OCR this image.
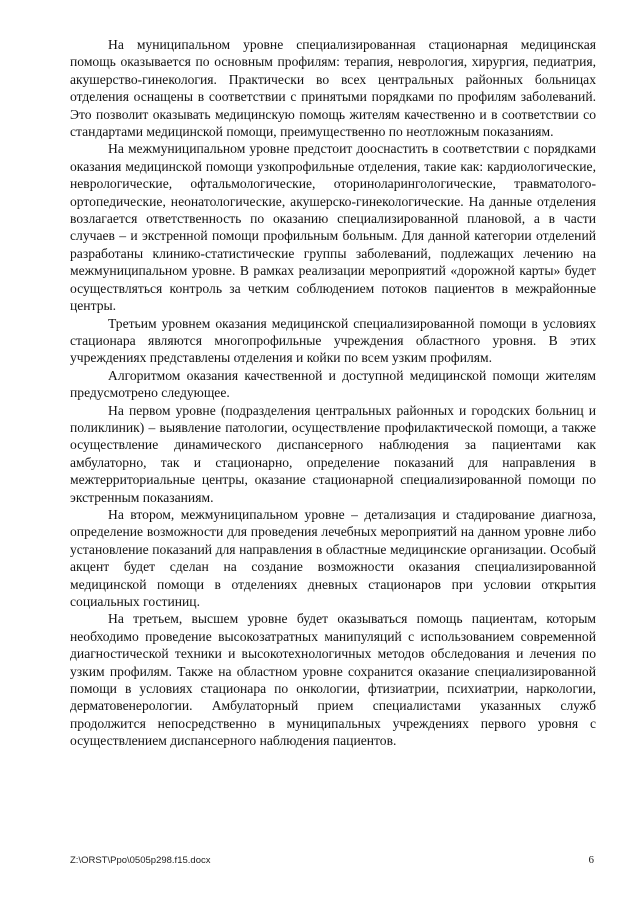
На муниципальном уровне специализированная стационарная медицинская помощь оказывается по основным профилям: терапия, неврология, хирургия, педиатрия, акушерство-гинекология. Практически во всех центральных районных больницах отделения оснащены в соответствии с принятыми порядками по профилям заболеваний. Это позволит оказывать медицинскую помощь жителям качественно и в соответствии со стандартами медицинской помощи, преимущественно по неотложным показаниям.

На межмуниципальном уровне предстоит дооснастить в соответствии с порядками оказания медицинской помощи узкопрофильные отделения, такие как: кардиологические, неврологические, офтальмологические, оториноларингологические, травматолого-ортопедические, неонатологические, акушерско-гинекологические. На данные отделения возлагается ответственность по оказанию специализированной плановой, а в части случаев – и экстренной помощи профильным больным. Для данной категории отделений разработаны клинико-статистические группы заболеваний, подлежащих лечению на межмуниципальном уровне. В рамках реализации мероприятий «дорожной карты» будет осуществляться контроль за четким соблюдением потоков пациентов в межрайонные центры.

Третьим уровнем оказания медицинской специализированной помощи в условиях стационара являются многопрофильные учреждения областного уровня. В этих учреждениях представлены отделения и койки по всем узким профилям.

Алгоритмом оказания качественной и доступной медицинской помощи жителям предусмотрено следующее.

На первом уровне (подразделения центральных районных и городских больниц и поликлиник) – выявление патологии, осуществление профилактической помощи, а также осуществление динамического диспансерного наблюдения за пациентами как амбулаторно, так и стационарно, определение показаний для направления в межтерриториальные центры, оказание стационарной специализированной помощи по экстренным показаниям.

На втором, межмуниципальном уровне – детализация и стадирование диагноза, определение возможности для проведения лечебных мероприятий на данном уровне либо установление показаний для направления в областные медицинские организации. Особый акцент будет сделан на создание возможности оказания специализированной медицинской помощи в отделениях дневных стационаров при условии открытия социальных гостиниц.

На третьем, высшем уровне будет оказываться помощь пациентам, которым необходимо проведение высокозатратных манипуляций с использованием современной диагностической техники и высокотехнологичных методов обследования и лечения по узким профилям. Также на областном уровне сохранится оказание специализированной помощи в условиях стационара по онкологии, фтизиатрии, психиатрии, наркологии, дерматовенерологии. Амбулаторный прием специалистами указанных служб продолжится непосредственно в муниципальных учреждениях первого уровня с осуществлением диспансерного наблюдения пациентов.

Z:\ORST\Ppo\0505p298.f15.docx	6
